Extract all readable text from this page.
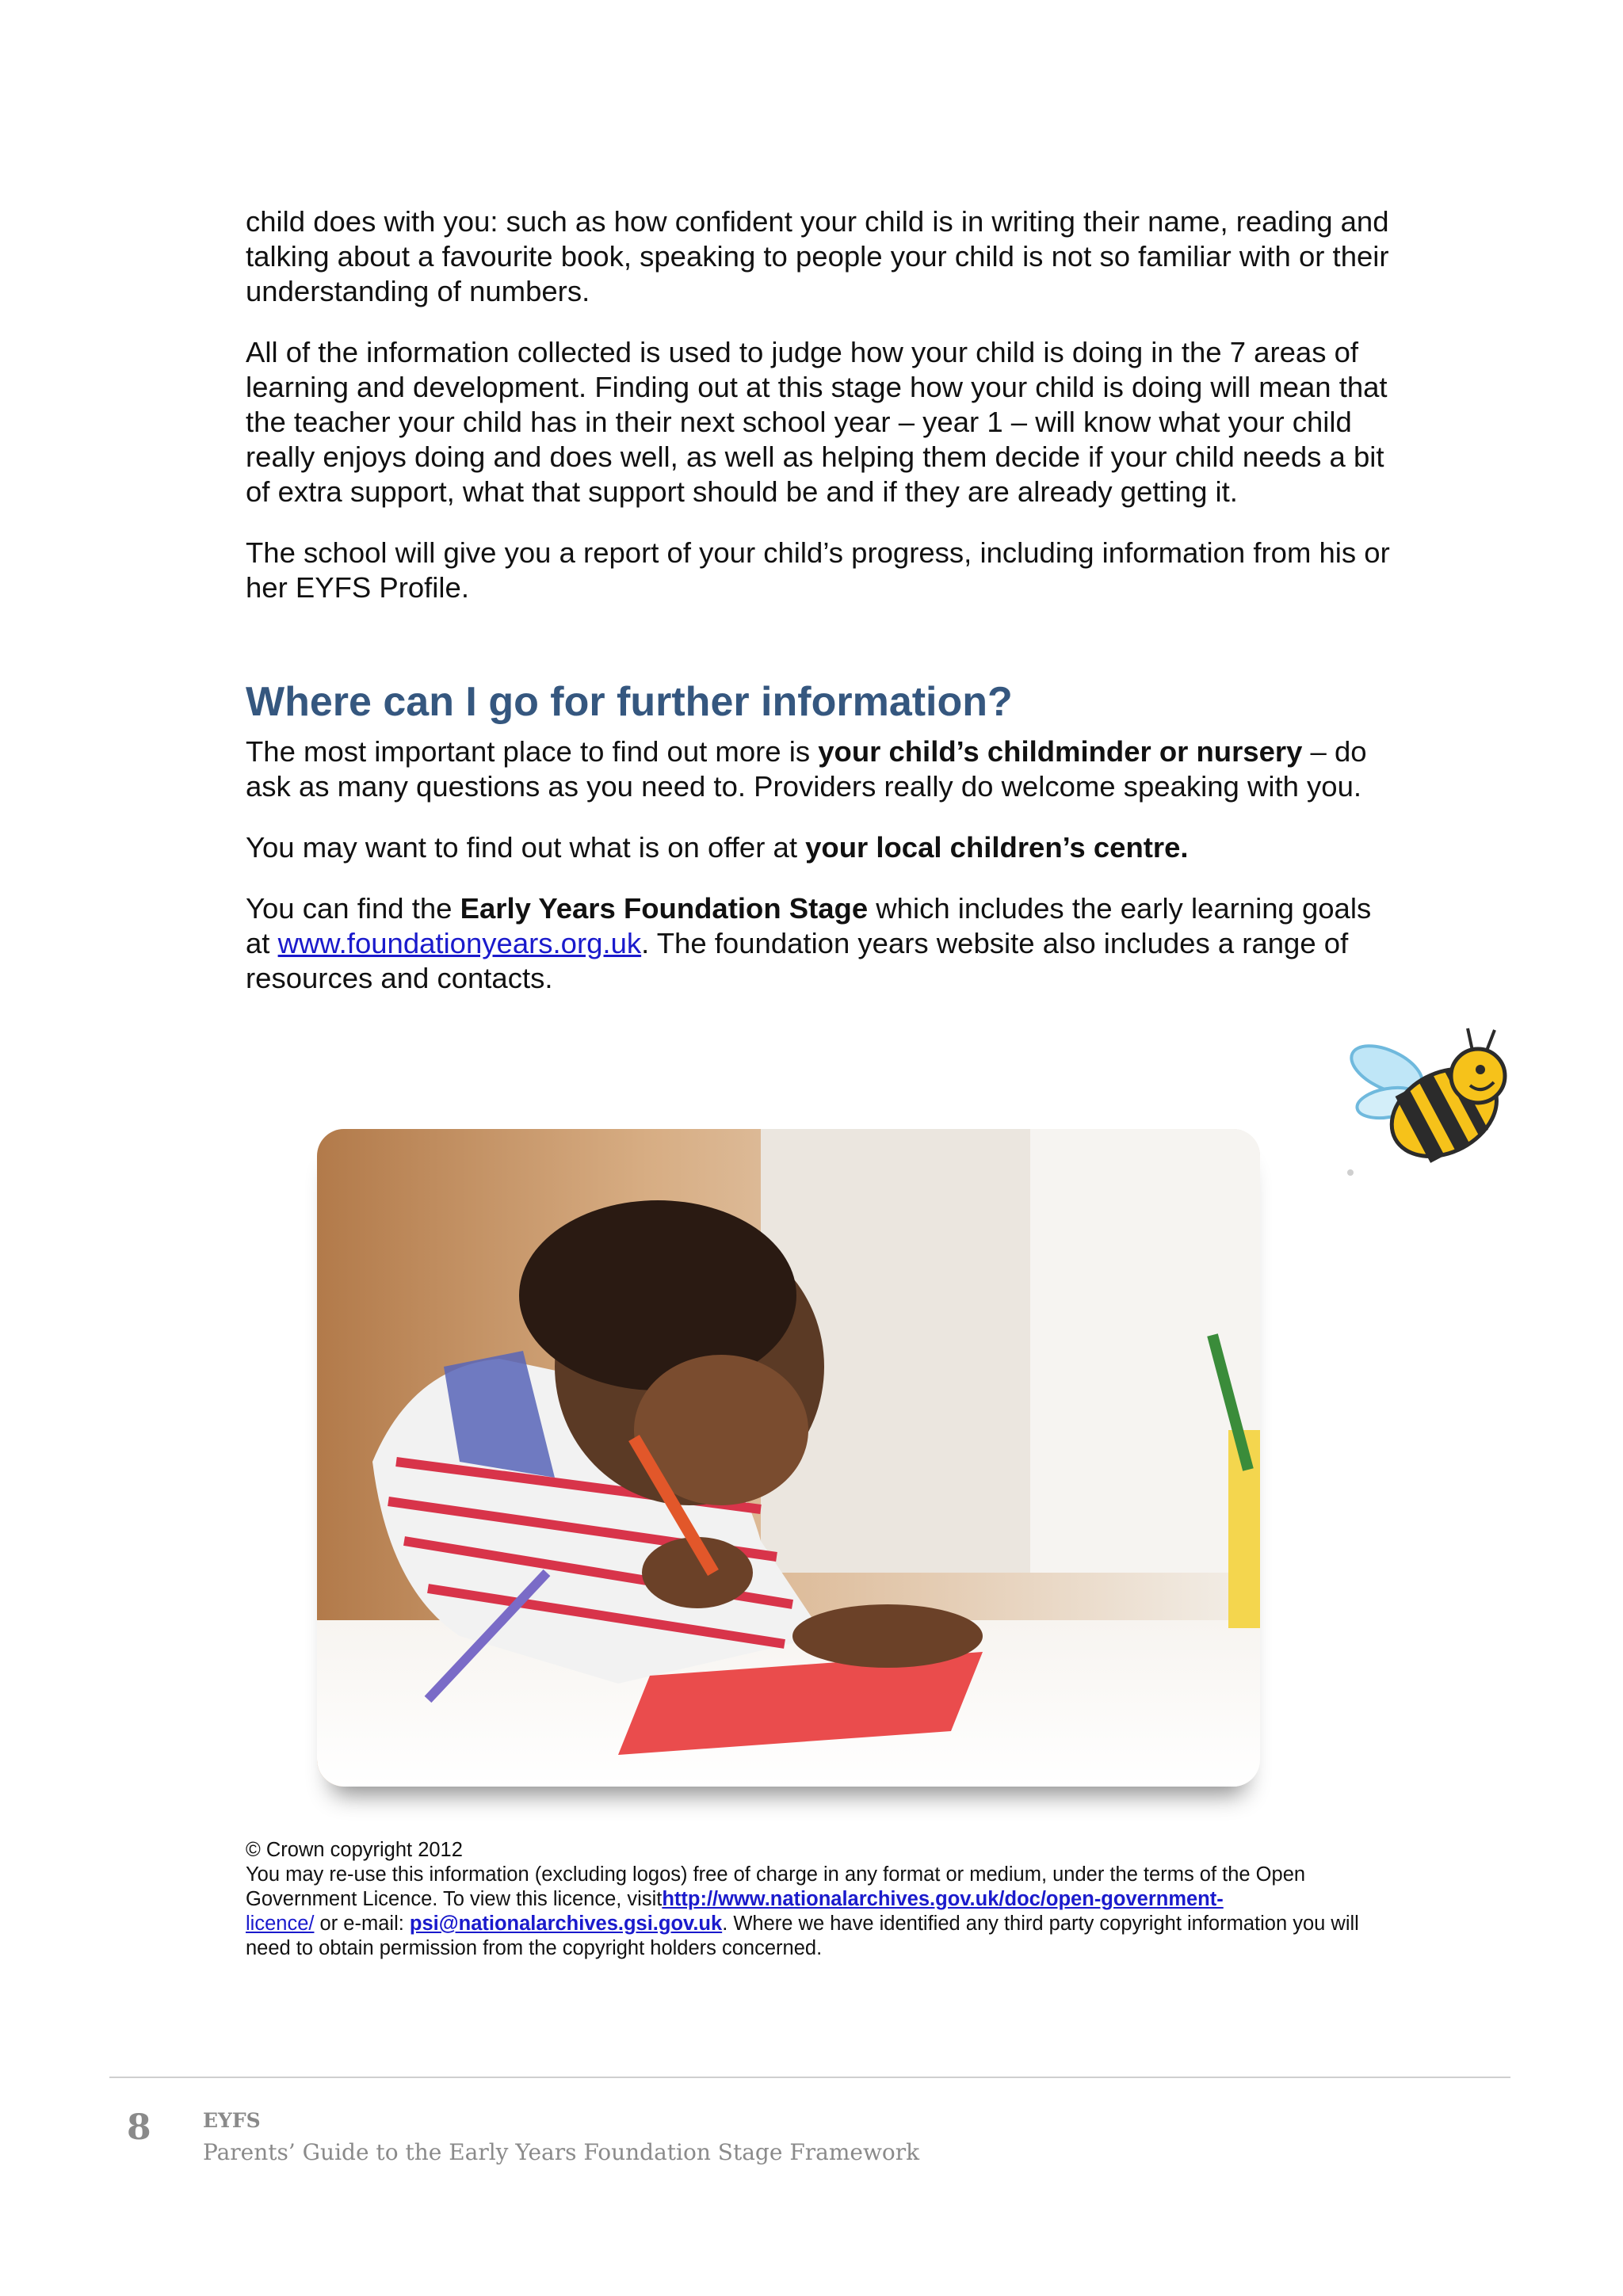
child does with you: such as how confident your child is in writing their name, reading and talking about a favourite book, speaking to people your child is not so familiar with or their understanding of numbers.

All of the information collected is used to judge how your child is doing in the 7 areas of learning and development. Finding out at this stage how your child is doing will mean that the teacher your child has in their next school year – year 1 – will know what your child really enjoys doing and does well, as well as helping them decide if your child needs a bit of extra support, what that support should be and if they are already getting it.

The school will give you a report of your child’s progress, including information from his or her EYFS Profile.

Where can I go for further information?

The most important place to find out more is your child’s childminder or nursery – do ask as many questions as you need to. Providers really do welcome speaking with you.

You may want to find out what is on offer at your local children’s centre.

You can find the Early Years Foundation Stage which includes the early learning goals at www.foundationyears.org.uk. The foundation years website also includes a range of resources and contacts.

© Crown copyright 2012
You may re-use this information (excluding logos) free of charge in any format or medium, under the terms of the Open Government Licence. To view this licence, visithttp://www.nationalarchives.gov.uk/doc/open-government-
licence/ or e-mail: psi@nationalarchives.gsi.gov.uk. Where we have identified any third party copyright information you will need to obtain permission from the copyright holders concerned.
8	EYFS
Parents’ Guide to the Early Years Foundation Stage Framework
